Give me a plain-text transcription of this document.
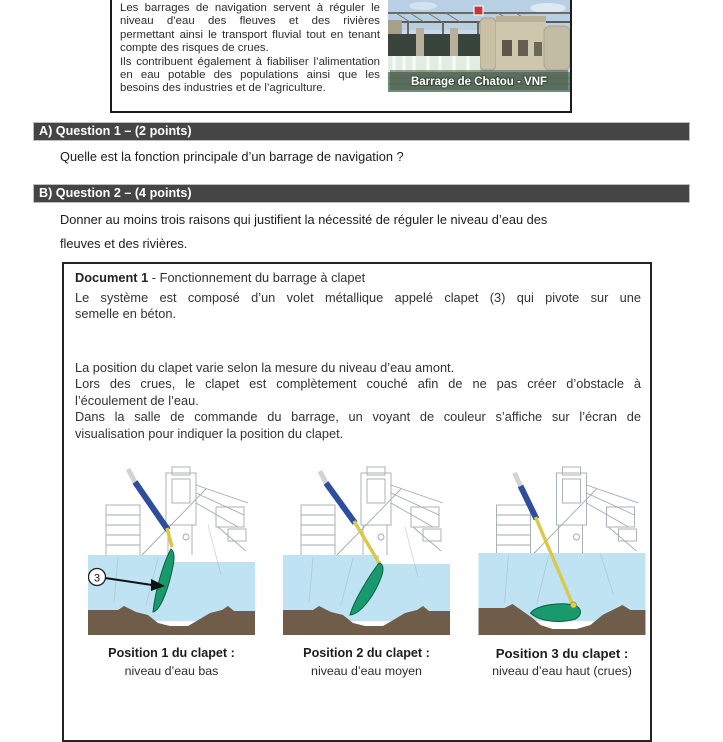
Les barrages de navigation servent à réguler le
niveau d’eau des fleuves et des rivières
permettant ainsi le transport fluvial tout en tenant
compte des risques de crues.
Ils contribuent également à fiabiliser l’alimentation
en eau potable des populations ainsi que les
besoins des industries et de l’agriculture.
Barrage de Chatou - VNF
A) Question 1 – (2 points)
Quelle est la fonction principale d’un barrage de navigation ?
B) Question 2 – (4 points)
Donner au moins trois raisons qui justifient la nécessité de réguler le niveau d’eau des
fleuves et des rivières.
Document 1 - Fonctionnement du barrage à clapet
Le système est composé d’un volet métallique appelé clapet (3) qui pivote sur une
semelle en béton.
La position du clapet varie selon la mesure du niveau d’eau amont.
Lors des crues, le clapet est complètement couché afin de ne pas créer d’obstacle à
l’écoulement de l’eau.
Dans la salle de commande du barrage, un voyant de couleur s’affiche sur l’écran de
visualisation pour indiquer la position du clapet.
3
Position 1 du clapet :
niveau d’eau bas
Position 2 du clapet :
niveau d’eau moyen
Position 3 du clapet :
niveau d’eau haut (crues)
